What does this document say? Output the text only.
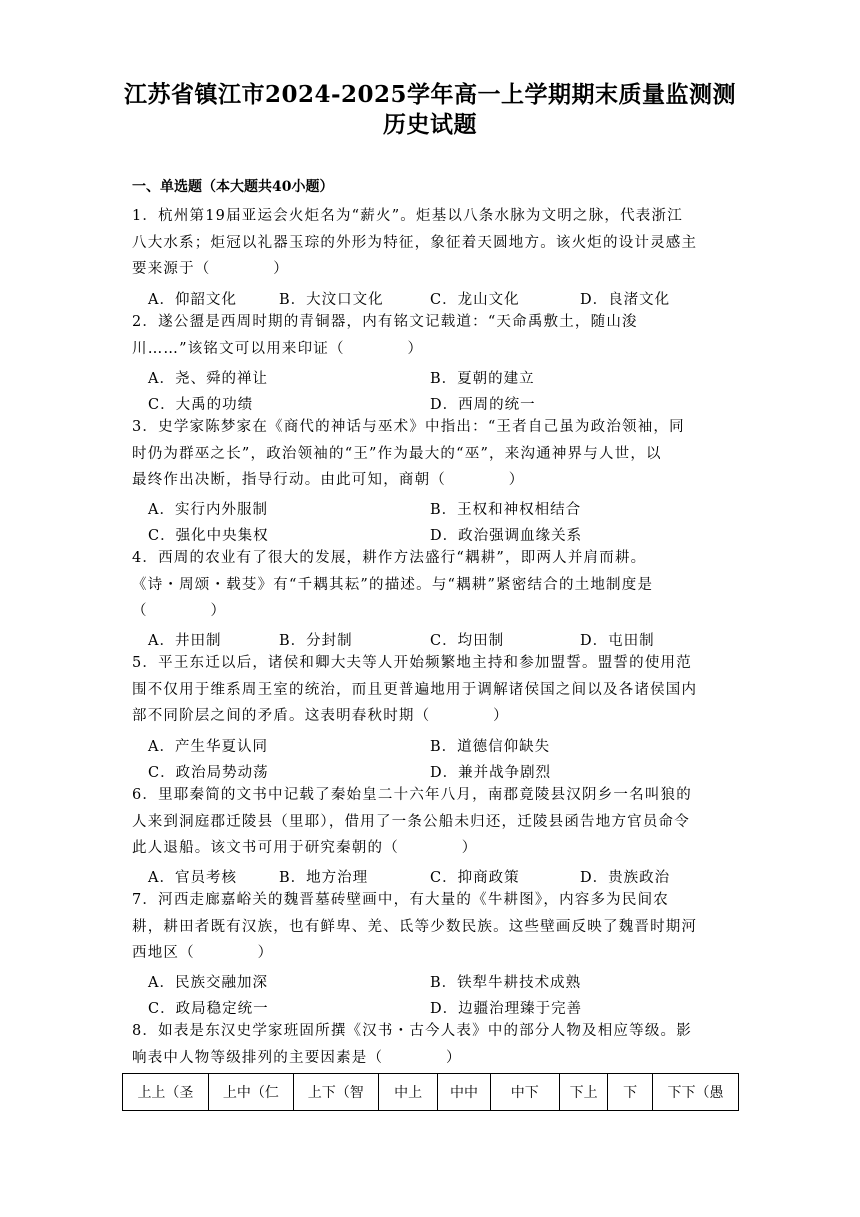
江苏省镇江市2024-2025学年高一上学期期末质量监测测
历史试题
一、单选题（本大题共40小题）
1．杭州第19届亚运会火炬名为“薪火”。炬基以八条水脉为文明之脉，代表浙江
八大水系；炬冠以礼器玉琮的外形为特征，象征着天圆地方。该火炬的设计灵感主
要来源于（　　　　）
A．仰韶文化	B．大汶口文化	C．龙山文化	D．良渚文化
2．遂公盨是西周时期的青铜器，内有铭文记载道：“天命禹敷土，随山浚
川……”该铭文可以用来印证（　　　　）
A．尧、舜的禅让	B．夏朝的建立
C．大禹的功绩	D．西周的统一
3．史学家陈梦家在《商代的神话与巫术》中指出：“王者自己虽为政治领袖，同
时仍为群巫之长”，政治领袖的“王”作为最大的“巫”，来沟通神界与人世，以
最终作出决断，指导行动。由此可知，商朝（　　　　）
A．实行内外服制	B．王权和神权相结合
C．强化中央集权	D．政治强调血缘关系
4．西周的农业有了很大的发展，耕作方法盛行“耦耕”，即两人并肩而耕。
《诗・周颂・载芟》有“千耦其耘”的描述。与“耦耕”紧密结合的土地制度是
（　　　　）
A．井田制	B．分封制	C．均田制	D．屯田制
5．平王东迁以后，诸侯和卿大夫等人开始频繁地主持和参加盟誓。盟誓的使用范
围不仅用于维系周王室的统治，而且更普遍地用于调解诸侯国之间以及各诸侯国内
部不同阶层之间的矛盾。这表明春秋时期（　　　　）
A．产生华夏认同	B．道德信仰缺失
C．政治局势动荡	D．兼并战争剧烈
6．里耶秦简的文书中记载了秦始皇二十六年八月，南郡竟陵县汉阴乡一名叫狼的
人来到洞庭郡迁陵县（里耶），借用了一条公船未归还，迁陵县函告地方官员命令
此人退船。该文书可用于研究秦朝的（　　　　）
A．官员考核	B．地方治理	C．抑商政策	D．贵族政治
7．河西走廊嘉峪关的魏晋墓砖壁画中，有大量的《牛耕图》，内容多为民间农
耕，耕田者既有汉族，也有鲜卑、羌、氐等少数民族。这些壁画反映了魏晋时期河
西地区（　　　　）
A．民族交融加深	B．铁犁牛耕技术成熟
C．政局稳定统一	D．边疆治理臻于完善
8．如表是东汉史学家班固所撰《汉书・古今人表》中的部分人物及相应等级。影
响表中人物等级排列的主要因素是（　　　　）
上上（圣	上中（仁	上下（智	中上	中中	中下	下上	下	下下（愚
